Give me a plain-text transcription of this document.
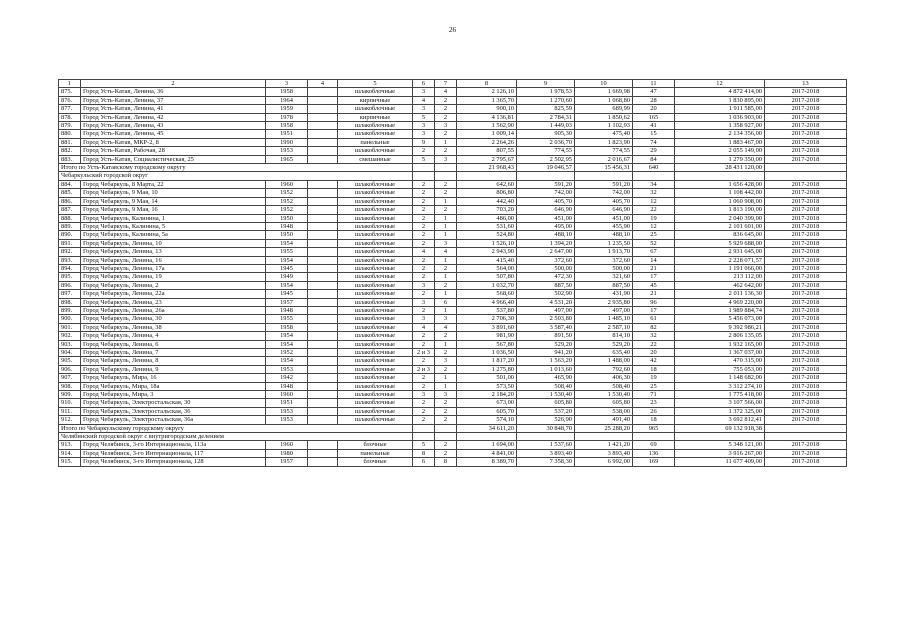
26
1	2	3	4	5	6	7	8	9	10	11	12	13
875.	Город Усть-Катав, Ленина, 36	1958		шлакоблочные	3	4	2 126,10	1 978,53	1 669,98	47	4 872 414,00	2017-2018
876.	Город Усть-Катав, Ленина, 37	1964		кирпичные	4	2	1 365,70	1 270,60	1 068,80	28	1 830 895,00	2017-2018
877.	Город Усть-Катав, Ленина, 41	1959		шлакоблочные	3	2	900,10	825,59	689,99	20	1 911 585,00	2017-2018
878.	Город Усть-Катав, Ленина, 42	1978		кирпичные	5	2	4 136,81	2 784,31	1 850,62	165	1 036 903,00	2017-2018
879.	Город Усть-Катав, Ленина, 43	1958		шлакоблочные	3	3	1 562,90	1 449,03	1 102,93	41	1 358 927,00	2017-2018
880.	Город Усть-Катав, Ленина, 45	1951		шлакоблочные	3	2	1 009,14	905,30	475,40	15	2 134 356,00	2017-2018
881.	Город Усть-Катав, МКР-2, 8	1990		панельные	9	1	2 264,26	2 036,70	1 823,90	74	1 883 467,00	2017-2018
882.	Город Усть-Катав, Рабочая, 28	1953		шлакоблочные	2	2	807,55	774,55	774,55	29	2 055 149,00	2017-2018
883.	Город Усть-Катав, Социалистическая, 25	1965		смешанные	5	3	2 795,67	2 502,95	2 016,67	84	1 279 350,00	2017-2018
Итого по Усть-Катавскому городскому округу							21 968,43	19 046,57	15 456,31	640	28 431 120,00	
Чебаркульский городской округ												
884.	Город Чебаркуль, 8 Марта, 22	1960		шлакоблочные	2	2	642,60	591,20	591,20	34	1 656 428,00	2017-2018
885.	Город Чебаркуль, 9 Мая, 10	1952		шлакоблочные	2	2	806,80	742,00	742,00	32	1 108 442,00	2017-2018
886.	Город Чебаркуль, 9 Мая, 14	1952		шлакоблочные	2	1	442,40	405,70	405,70	12	1 060 908,00	2017-2018
887.	Город Чебаркуль, 9 Мая, 16	1952		шлакоблочные	2	2	703,20	646,90	646,90	22	1 813 190,00	2017-2018
888.	Город Чебаркуль, Калинина, 1	1950		шлакоблочные	2	1	486,00	451,00	451,00	19	2 040 399,00	2017-2018
889.	Город Чебаркуль, Калинина, 5	1948		шлакоблочные	2	1	531,60	495,00	455,90	12	2 101 601,00	2017-2018
890.	Город Чебаркуль, Калинина, 5а	1950		шлакоблочные	2	1	524,80	488,10	488,10	25	836 645,00	2017-2018
891.	Город Чебаркуль, Ленина, 10	1954		шлакоблочные	2	3	1 526,10	1 394,20	1 235,50	52	5 929 688,00	2017-2018
892.	Город Чебаркуль, Ленина, 13	1955		шлакоблочные	4	4	2 943,90	2 647,00	1 913,70	67	2 931 645,00	2017-2018
893.	Город Чебаркуль, Ленина, 16	1954		шлакоблочные	2	1	415,40	372,60	372,60	14	2 228 071,57	2017-2018
894.	Город Чебаркуль, Ленина, 17а	1945		шлакоблочные	2	2	564,00	500,00	500,00	21	1 191 066,00	2017-2018
895.	Город Чебаркуль, Ленина, 19	1949		шлакоблочные	2	1	507,80	472,30	321,60	17	213 112,00	2017-2018
896.	Город Чебаркуль, Ленина, 2	1954		шлакоблочные	3	2	1 032,70	887,50	887,50	45	462 642,00	2017-2018
897.	Город Чебаркуль, Ленина, 22а	1945		шлакоблочные	2	1	568,60	502,90	431,90	21	2 011 136,30	2017-2018
898.	Город Чебаркуль, Ленина, 23	1957		шлакоблочные	3	6	4 966,40	4 531,20	2 935,80	96	4 969 220,00	2017-2018
899.	Город Чебаркуль, Ленина, 26а	1948		шлакоблочные	2	1	537,80	497,00	497,00	17	1 989 884,74	2017-2018
900.	Город Чебаркуль, Ленина, 30	1955		шлакоблочные	3	3	2 706,30	2 503,80	1 485,10	61	5 456 073,00	2017-2018
901.	Город Чебаркуль, Ленина, 38	1958		шлакоблочные	4	4	3 891,60	3 587,40	2 587,10	82	9 392 986,21	2017-2018
902.	Город Чебаркуль, Ленина, 4	1954		шлакоблочные	2	2	981,90	891,50	814,10	32	2 806 135,05	2017-2018
903.	Город Чебаркуль, Ленина, 6	1954		шлакоблочные	2	1	567,80	529,20	529,20	22	1 932 165,00	2017-2018
904.	Город Чебаркуль, Ленина, 7	1952		шлакоблочные	2 и 3	2	1 036,50	941,20	635,40	20	1 367 037,00	2017-2018
905.	Город Чебаркуль, Ленина, 8	1954		шлакоблочные	2	3	1 817,20	1 563,20	1 488,00	42	470 315,00	2017-2018
906.	Город Чебаркуль, Ленина, 9	1953		шлакоблочные	2 и 3	2	1 275,80	1 013,60	792,60	18	755 053,00	2017-2018
907.	Город Чебаркуль, Мира, 16	1942		шлакоблочные	2	1	501,00	465,90	406,30	19	1 148 682,00	2017-2018
908.	Город Чебаркуль, Мира, 18а	1948		шлакоблочные	2	1	573,50	508,40	508,40	25	3 312 274,10	2017-2018
909.	Город Чебаркуль, Мира, 3	1960		шлакоблочные	3	3	2 184,20	1 530,40	1 530,40	71	1 775 418,00	2017-2018
910.	Город Чебаркуль, Электростальская, 30	1951		шлакоблочные	2	2	673,00	605,80	605,80	23	3 107 566,00	2017-2018
911.	Город Чебаркуль, Электростальская, 36	1953		шлакоблочные	2	2	605,70	537,20	538,00	26	1 372 325,00	2017-2018
912.	Город Чебаркуль, Электростальская, 36а	1953		шлакоблочные	2	2	574,10	526,90	491,40	18	3 692 812,41	2017-2018
Итого по Чебаркульскому городскому округу							34 611,20	30 848,70	25 288,20	965	69 132 918,38	
Челябинский городской округ с внутригородским делением												
913.	Город Челябинск, 3-го Интернационала, 113а	1960		блочные	5	2	1 694,00	1 537,60	1 421,20	69	5 348 121,00	2017-2018
914.	Город Челябинск, 3-го Интернационала, 117	1980		панельные	8	2	4 841,00	3 893,40	3 893,40	136	3 916 267,00	2017-2018
915.	Город Челябинск, 3-го Интернационала, 128	1957		блочные	6	8	8 389,70	7 358,30	6 992,00	169	11 677 409,00	2017-2018
